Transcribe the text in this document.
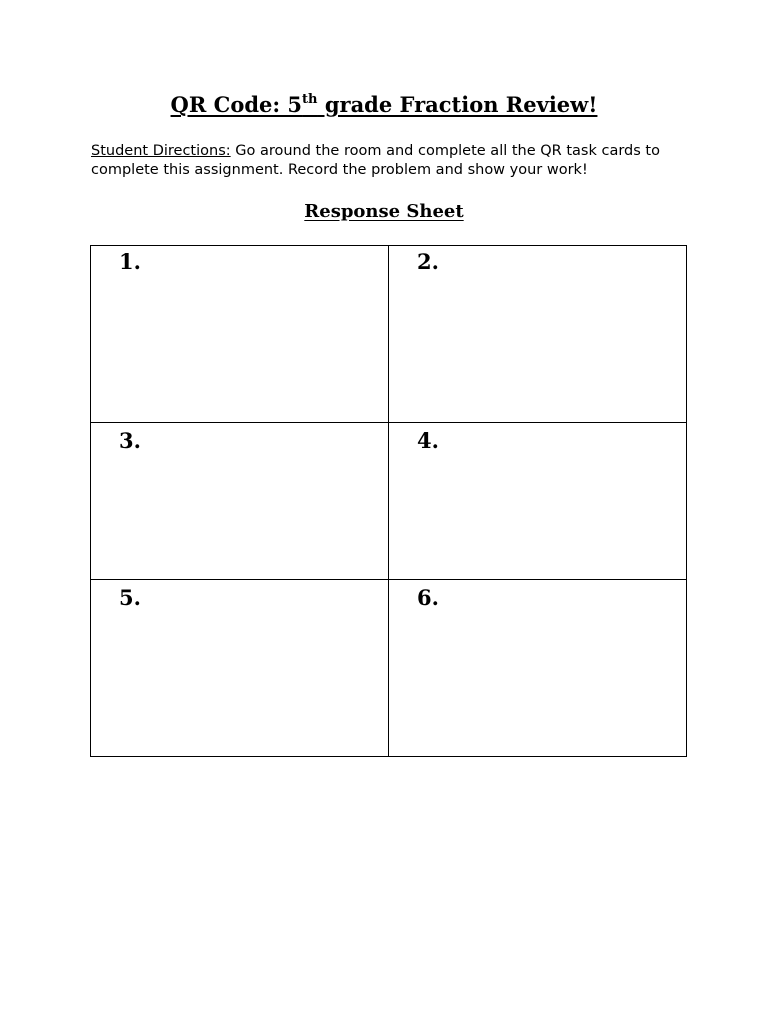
QR Code: 5th grade Fraction Review!
Student Directions: Go around the room and complete all the QR task cards to complete this assignment. Record the problem and show your work!
Response Sheet
1.	2.

3.	4.

5.	6.
